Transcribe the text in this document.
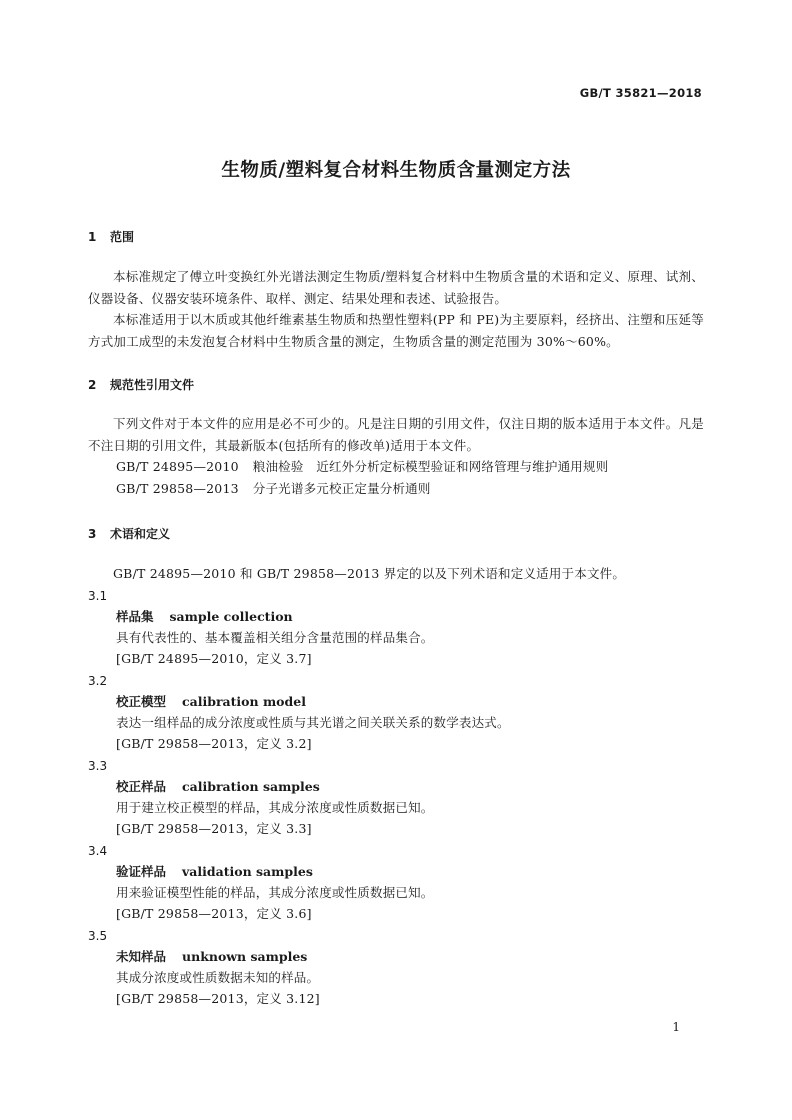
GB/T 35821—2018
生物质/塑料复合材料生物质含量测定方法
1 范围

本标准规定了傅立叶变换红外光谱法测定生物质/塑料复合材料中生物质含量的术语和定义、原理、试剂、仪器设备、仪器安装环境条件、取样、测定、结果处理和表述、试验报告。

本标准适用于以木质或其他纤维素基生物质和热塑性塑料(PP 和 PE)为主要原料，经挤出、注塑和压延等方式加工成型的未发泡复合材料中生物质含量的测定，生物质含量的测定范围为 30%～60%。

2 规范性引用文件

下列文件对于本文件的应用是必不可少的。凡是注日期的引用文件，仅注日期的版本适用于本文件。凡是不注日期的引用文件，其最新版本(包括所有的修改单)适用于本文件。

GB/T 24895—2010 粮油检验　近红外分析定标模型验证和网络管理与维护通用规则
GB/T 29858—2013 分子光谱多元校正定量分析通则
3 术语和定义

GB/T 24895—2010 和 GB/T 29858—2013 界定的以及下列术语和定义适用于本文件。

3.1
样品集 sample collection
具有代表性的、基本覆盖相关组分含量范围的样品集合。
[GB/T 24895—2010，定义 3.7]
3.2
校正模型 calibration model
表达一组样品的成分浓度或性质与其光谱之间关联关系的数学表达式。
[GB/T 29858—2013，定义 3.2]
3.3
校正样品 calibration samples
用于建立校正模型的样品，其成分浓度或性质数据已知。
[GB/T 29858—2013，定义 3.3]
3.4
验证样品 validation samples
用来验证模型性能的样品，其成分浓度或性质数据已知。
[GB/T 29858—2013，定义 3.6]
3.5
未知样品 unknown samples
其成分浓度或性质数据未知的样品。
[GB/T 29858—2013，定义 3.12]
1
